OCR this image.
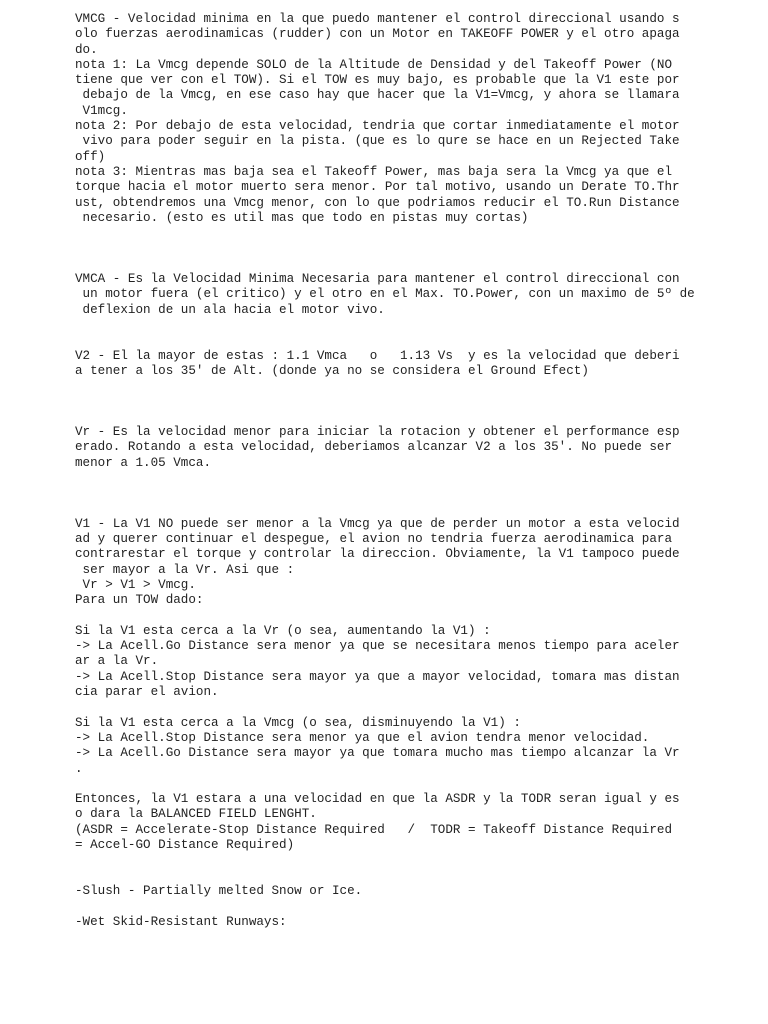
VMCG - Velocidad minima en la que puedo mantener el control direccional usando s
olo fuerzas aerodinamicas (rudder) con un Motor en TAKEOFF POWER y el otro apaga
do.
nota 1: La Vmcg depende SOLO de la Altitude de Densidad y del Takeoff Power (NO
tiene que ver con el TOW). Si el TOW es muy bajo, es probable que la V1 este por
debajo de la Vmcg, en ese caso hay que hacer que la V1=Vmcg, y ahora se llamara
V1mcg.
nota 2: Por debajo de esta velocidad, tendria que cortar inmediatamente el motor
vivo para poder seguir en la pista. (que es lo qure se hace en un Rejected Take
off)
nota 3: Mientras mas baja sea el Takeoff Power, mas baja sera la Vmcg ya que el
torque hacia el motor muerto sera menor. Por tal motivo, usando un Derate TO.Thr
ust, obtendremos una Vmcg menor, con lo que podriamos reducir el TO.Run Distance
necesario. (esto es util mas que todo en pistas muy cortas)
VMCA - Es la Velocidad Minima Necesaria para mantener el control direccional con
un motor fuera (el critico) y el otro en el Max. TO.Power, con un maximo de 5º de
deflexion de un ala hacia el motor vivo.
V2 - El la mayor de estas : 1.1 Vmca   o   1.13 Vs  y es la velocidad que deberi
a tener a los 35' de Alt. (donde ya no se considera el Ground Efect)
Vr - Es la velocidad menor para iniciar la rotacion y obtener el performance esp
erado. Rotando a esta velocidad, deberiamos alcanzar V2 a los 35'. No puede ser
menor a 1.05 Vmca.
V1 - La V1 NO puede ser menor a la Vmcg ya que de perder un motor a esta velocid
ad y querer continuar el despegue, el avion no tendria fuerza aerodinamica para
contrarestar el torque y controlar la direccion. Obviamente, la V1 tampoco puede
ser mayor a la Vr. Asi que :
Vr > V1 > Vmcg.
Para un TOW dado:
Si la V1 esta cerca a la Vr (o sea, aumentando la V1) :
-> La Acell.Go Distance sera menor ya que se necesitara menos tiempo para aceler
ar a la Vr.
-> La Acell.Stop Distance sera mayor ya que a mayor velocidad, tomara mas distan
cia parar el avion.
Si la V1 esta cerca a la Vmcg (o sea, disminuyendo la V1) :
-> La Acell.Stop Distance sera menor ya que el avion tendra menor velocidad.
-> La Acell.Go Distance sera mayor ya que tomara mucho mas tiempo alcanzar la Vr
.
Entonces, la V1 estara a una velocidad en que la ASDR y la TODR seran igual y es
o dara la BALANCED FIELD LENGHT.
(ASDR = Accelerate-Stop Distance Required   /  TODR = Takeoff Distance Required
= Accel-GO Distance Required)
-Slush - Partially melted Snow or Ice.
-Wet Skid-Resistant Runways:
